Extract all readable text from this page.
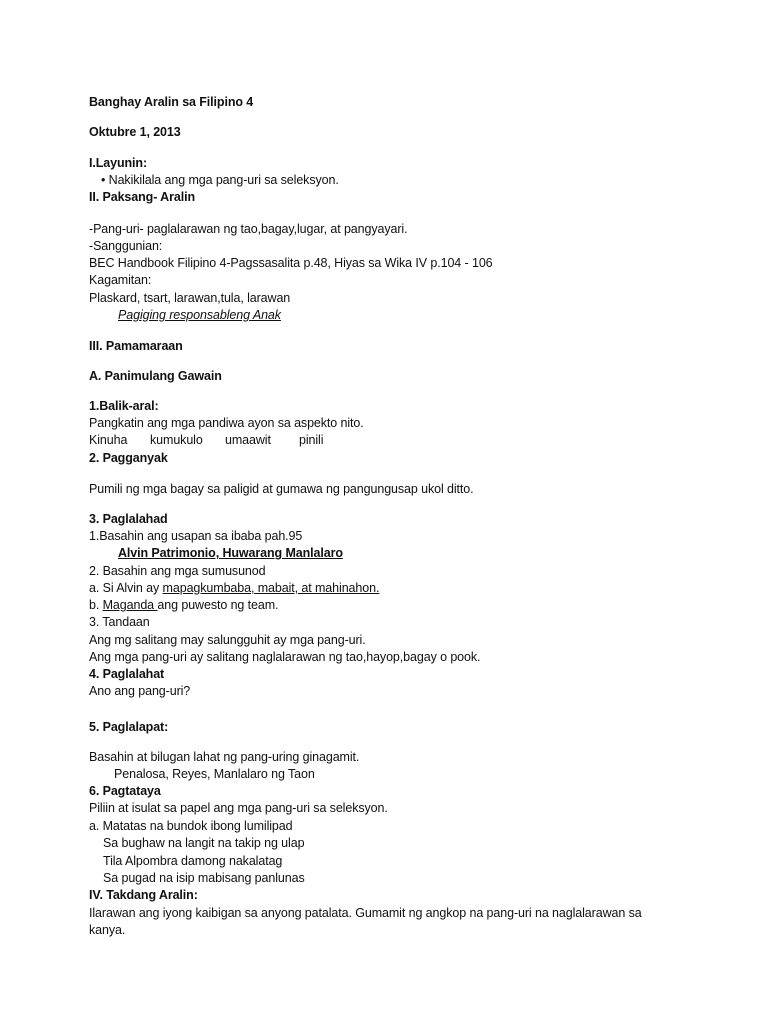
Banghay Aralin sa Filipino 4
Oktubre 1, 2013
I.Layunin:
• Nakikilala ang mga pang-uri sa seleksyon.
II. Paksang- Aralin
-Pang-uri- paglalarawan ng tao,bagay,lugar, at pangyayari.
-Sanggunian:
BEC Handbook Filipino 4-Pagssasalita p.48, Hiyas sa Wika IV p.104 - 106
Kagamitan:
Plaskard, tsart, larawan,tula, larawan
Pagiging responsableng Anak
III. Pamamaraan
A. Panimulang Gawain
1.Balik-aral:
Pangkatin ang mga pandiwa ayon sa aspekto nito.
Kinuha kumukulo umaawit pinili
2. Pagganyak
Pumili ng mga bagay sa paligid at gumawa ng pangungusap ukol ditto.
3. Paglalahad
1.Basahin ang usapan sa ibaba pah.95
Alvin Patrimonio, Huwarang Manlalaro
2. Basahin ang mga sumusunod
a. Si Alvin ay mapagkumbaba, mabait, at mahinahon.
b. Maganda ang puwesto ng team.
3. Tandaan
Ang mg salitang may salungguhit ay mga pang-uri.
Ang mga pang-uri ay salitang naglalarawan ng tao,hayop,bagay o pook.
4. Paglalahat
Ano ang pang-uri?
5. Paglalapat:
Basahin at bilugan lahat ng pang-uring ginagamit.
Penalosa, Reyes, Manlalaro ng Taon
6. Pagtataya
Piliin at isulat sa papel ang mga pang-uri sa seleksyon.
a. Matatas na bundok ibong lumilipad
Sa bughaw na langit na takip ng ulap
Tila Alpombra damong nakalatag
Sa pugad na isip mabisang panlunas
IV. Takdang Aralin:
Ilarawan ang iyong kaibigan sa anyong patalata. Gumamit ng angkop na pang-uri na naglalarawan sa
kanya.
